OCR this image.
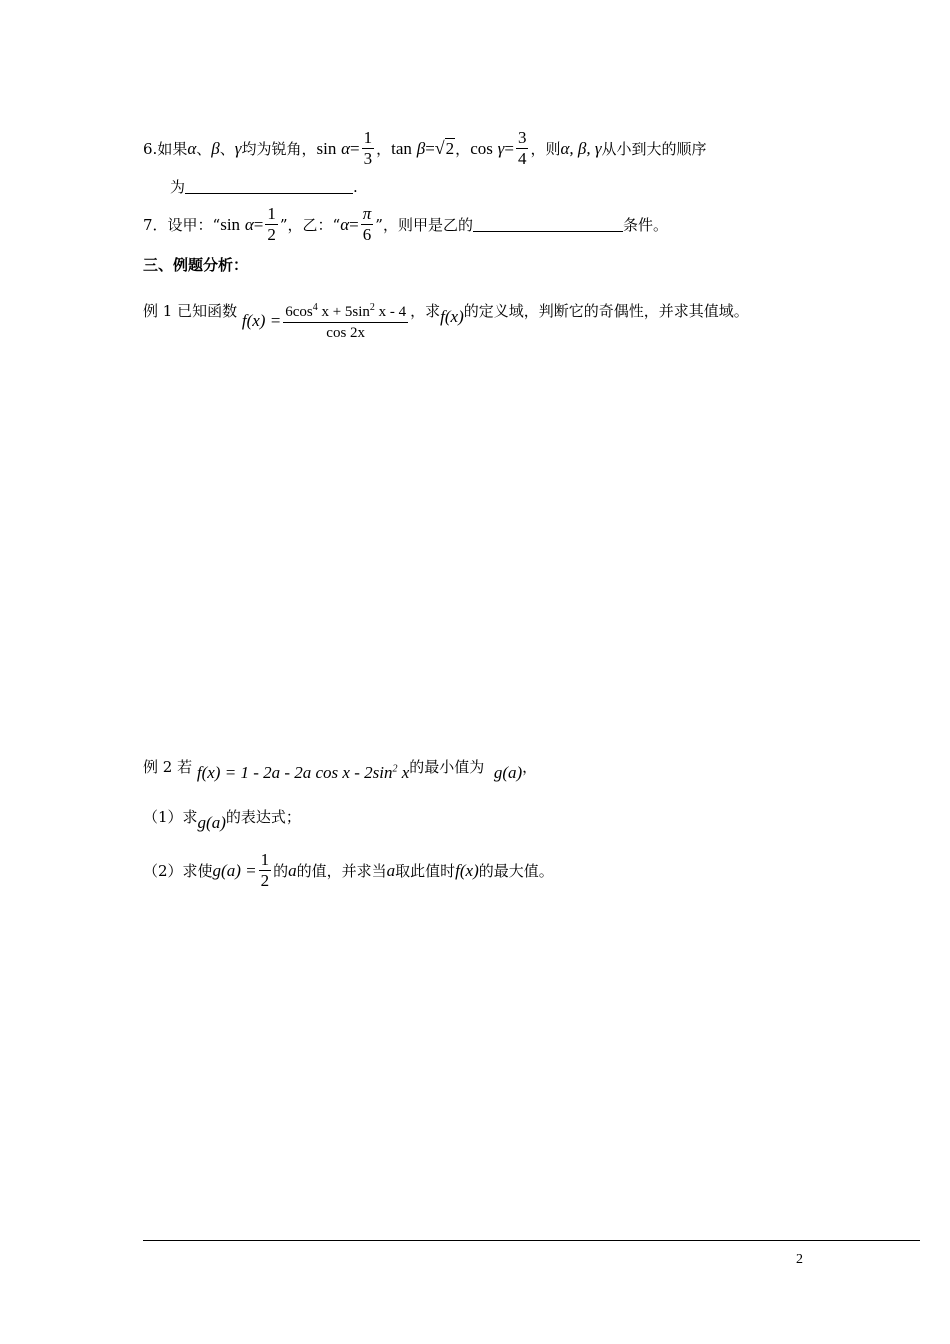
6. 如果 α 、 β 、 γ 均为锐角， sin
$\alpha = \frac{1}{3}$ ， tan
β = √ 2 ， cos
$\gamma = \frac{3}{4}$ ，则 α, β, γ 从小到大的顺序
为	.
7． 设甲：“ sin
$\alpha = \frac{1}{2}$ ”，乙：“ $\alpha = \frac{\pi}{6}$ ”，则甲是乙的	条件。
三、例题分析：
例 1 已知函数
$f(x) = \frac{6\cos^4 x + 5\sin^2 x - 4}{\cos 2x}$ ，求 f(x) 的定义域，判断它的奇偶性，并求其值域。
例 2 若
f(x) = 1 - 2a - 2a cos x - $2\sin^2$ x 的最小值为
g(a) ，
（1）求 g(a) 的表达式；
（2）求使 $g(a) = \frac{1}{2}$ 的 a 的值，并求当 a 取此值时 f(x) 的最大值。
2
